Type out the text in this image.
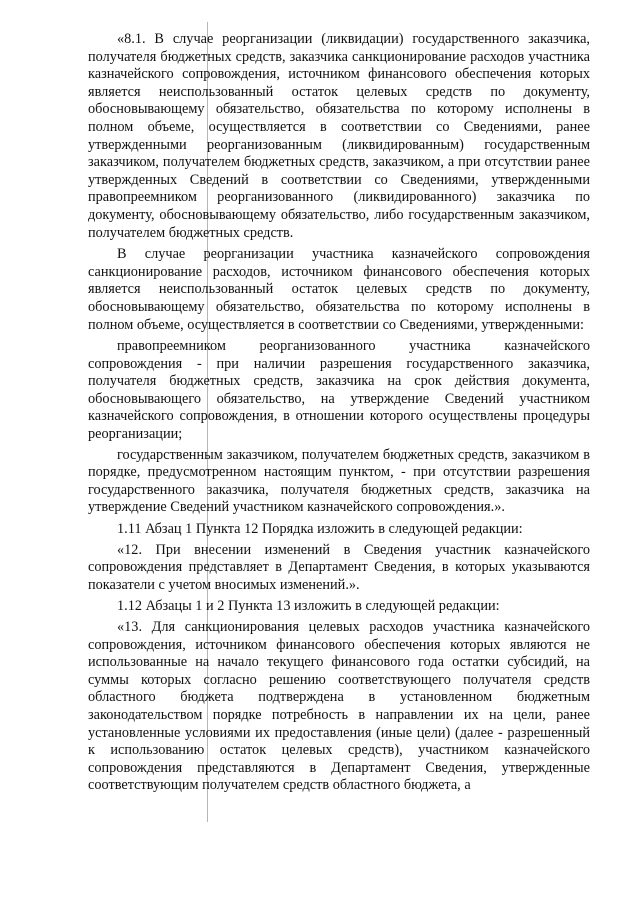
«8.1. В случае реорганизации (ликвидации) государственного заказчика, получателя бюджетных средств, заказчика санкционирование расходов участника казначейского сопровождения, источником финансового обеспечения которых является неиспользованный остаток целевых средств по документу, обосновывающему обязательство, обязательства по которому исполнены в полном объеме, осуществляется в соответствии со Сведениями, ранее утвержденными реорганизованным (ликвидированным) государственным заказчиком, получателем бюджетных средств, заказчиком, а при отсутствии ранее утвержденных Сведений в соответствии со Сведениями, утвержденными правопреемником реорганизованного (ликвидированного) заказчика по документу, обосновывающему обязательство, либо государственным заказчиком, получателем бюджетных средств.

В случае реорганизации участника казначейского сопровождения санкционирование расходов, источником финансового обеспечения которых является неиспользованный остаток целевых средств по документу, обосновывающему обязательство, обязательства по которому исполнены в полном объеме, осуществляется в соответствии со Сведениями, утвержденными:

правопреемником реорганизованного участника казначейского сопровождения - при наличии разрешения государственного заказчика, получателя бюджетных средств, заказчика на срок действия документа, обосновывающего обязательство, на утверждение Сведений участником казначейского сопровождения, в отношении которого осуществлены процедуры реорганизации;

государственным заказчиком, получателем бюджетных средств, заказчиком в порядке, предусмотренном настоящим пунктом, - при отсутствии разрешения государственного заказчика, получателя бюджетных средств, заказчика на утверждение Сведений участником казначейского сопровождения.».

1.11 Абзац 1 Пункта 12 Порядка изложить в следующей редакции:

«12. При внесении изменений в Сведения участник казначейского сопровождения представляет в Департамент Сведения, в которых указываются показатели с учетом вносимых изменений.».

1.12 Абзацы 1 и 2 Пункта 13 изложить в следующей редакции:

«13. Для санкционирования целевых расходов участника казначейского сопровождения, источником финансового обеспечения которых являются не использованные на начало текущего финансового года остатки субсидий, на суммы которых согласно решению соответствующего получателя средств областного бюджета подтверждена в установленном бюджетным законодательством порядке потребность в направлении их на цели, ранее установленные условиями их предоставления (иные цели) (далее - разрешенный к использованию остаток целевых средств), участником казначейского сопровождения представляются в Департамент Сведения, утвержденные соответствующим получателем средств областного бюджета, а
